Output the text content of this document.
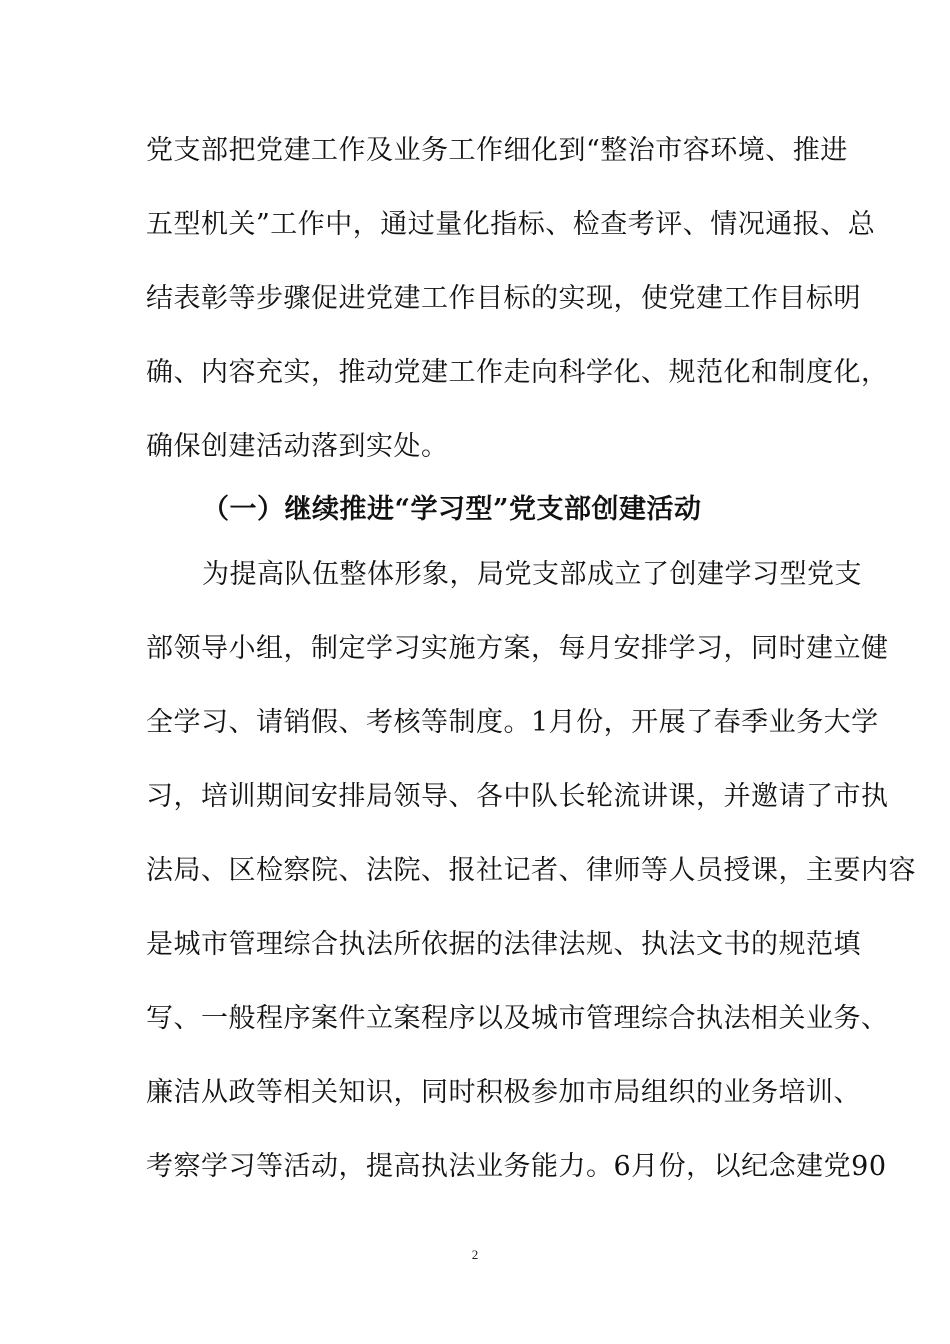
党支部把党建工作及业务工作细化到“整治市容环境、推进
五型机关”工作中，通过量化指标、检查考评、情况通报、总
结表彰等步骤促进党建工作目标的实现，使党建工作目标明
确、内容充实，推动党建工作走向科学化、规范化和制度化，
确保创建活动落到实处。
（一）继续推进“学习型”党支部创建活动
为提高队伍整体形象，局党支部成立了创建学习型党支
部领导小组，制定学习实施方案，每月安排学习，同时建立健
全学习、请销假、考核等制度。1月份，开展了春季业务大学
习，培训期间安排局领导、各中队长轮流讲课，并邀请了市执
法局、区检察院、法院、报社记者、律师等人员授课，主要内容
是城市管理综合执法所依据的法律法规、执法文书的规范填
写、一般程序案件立案程序以及城市管理综合执法相关业务、
廉洁从政等相关知识，同时积极参加市局组织的业务培训、
考察学习等活动，提高执法业务能力。6月份，以纪念建党90
2
